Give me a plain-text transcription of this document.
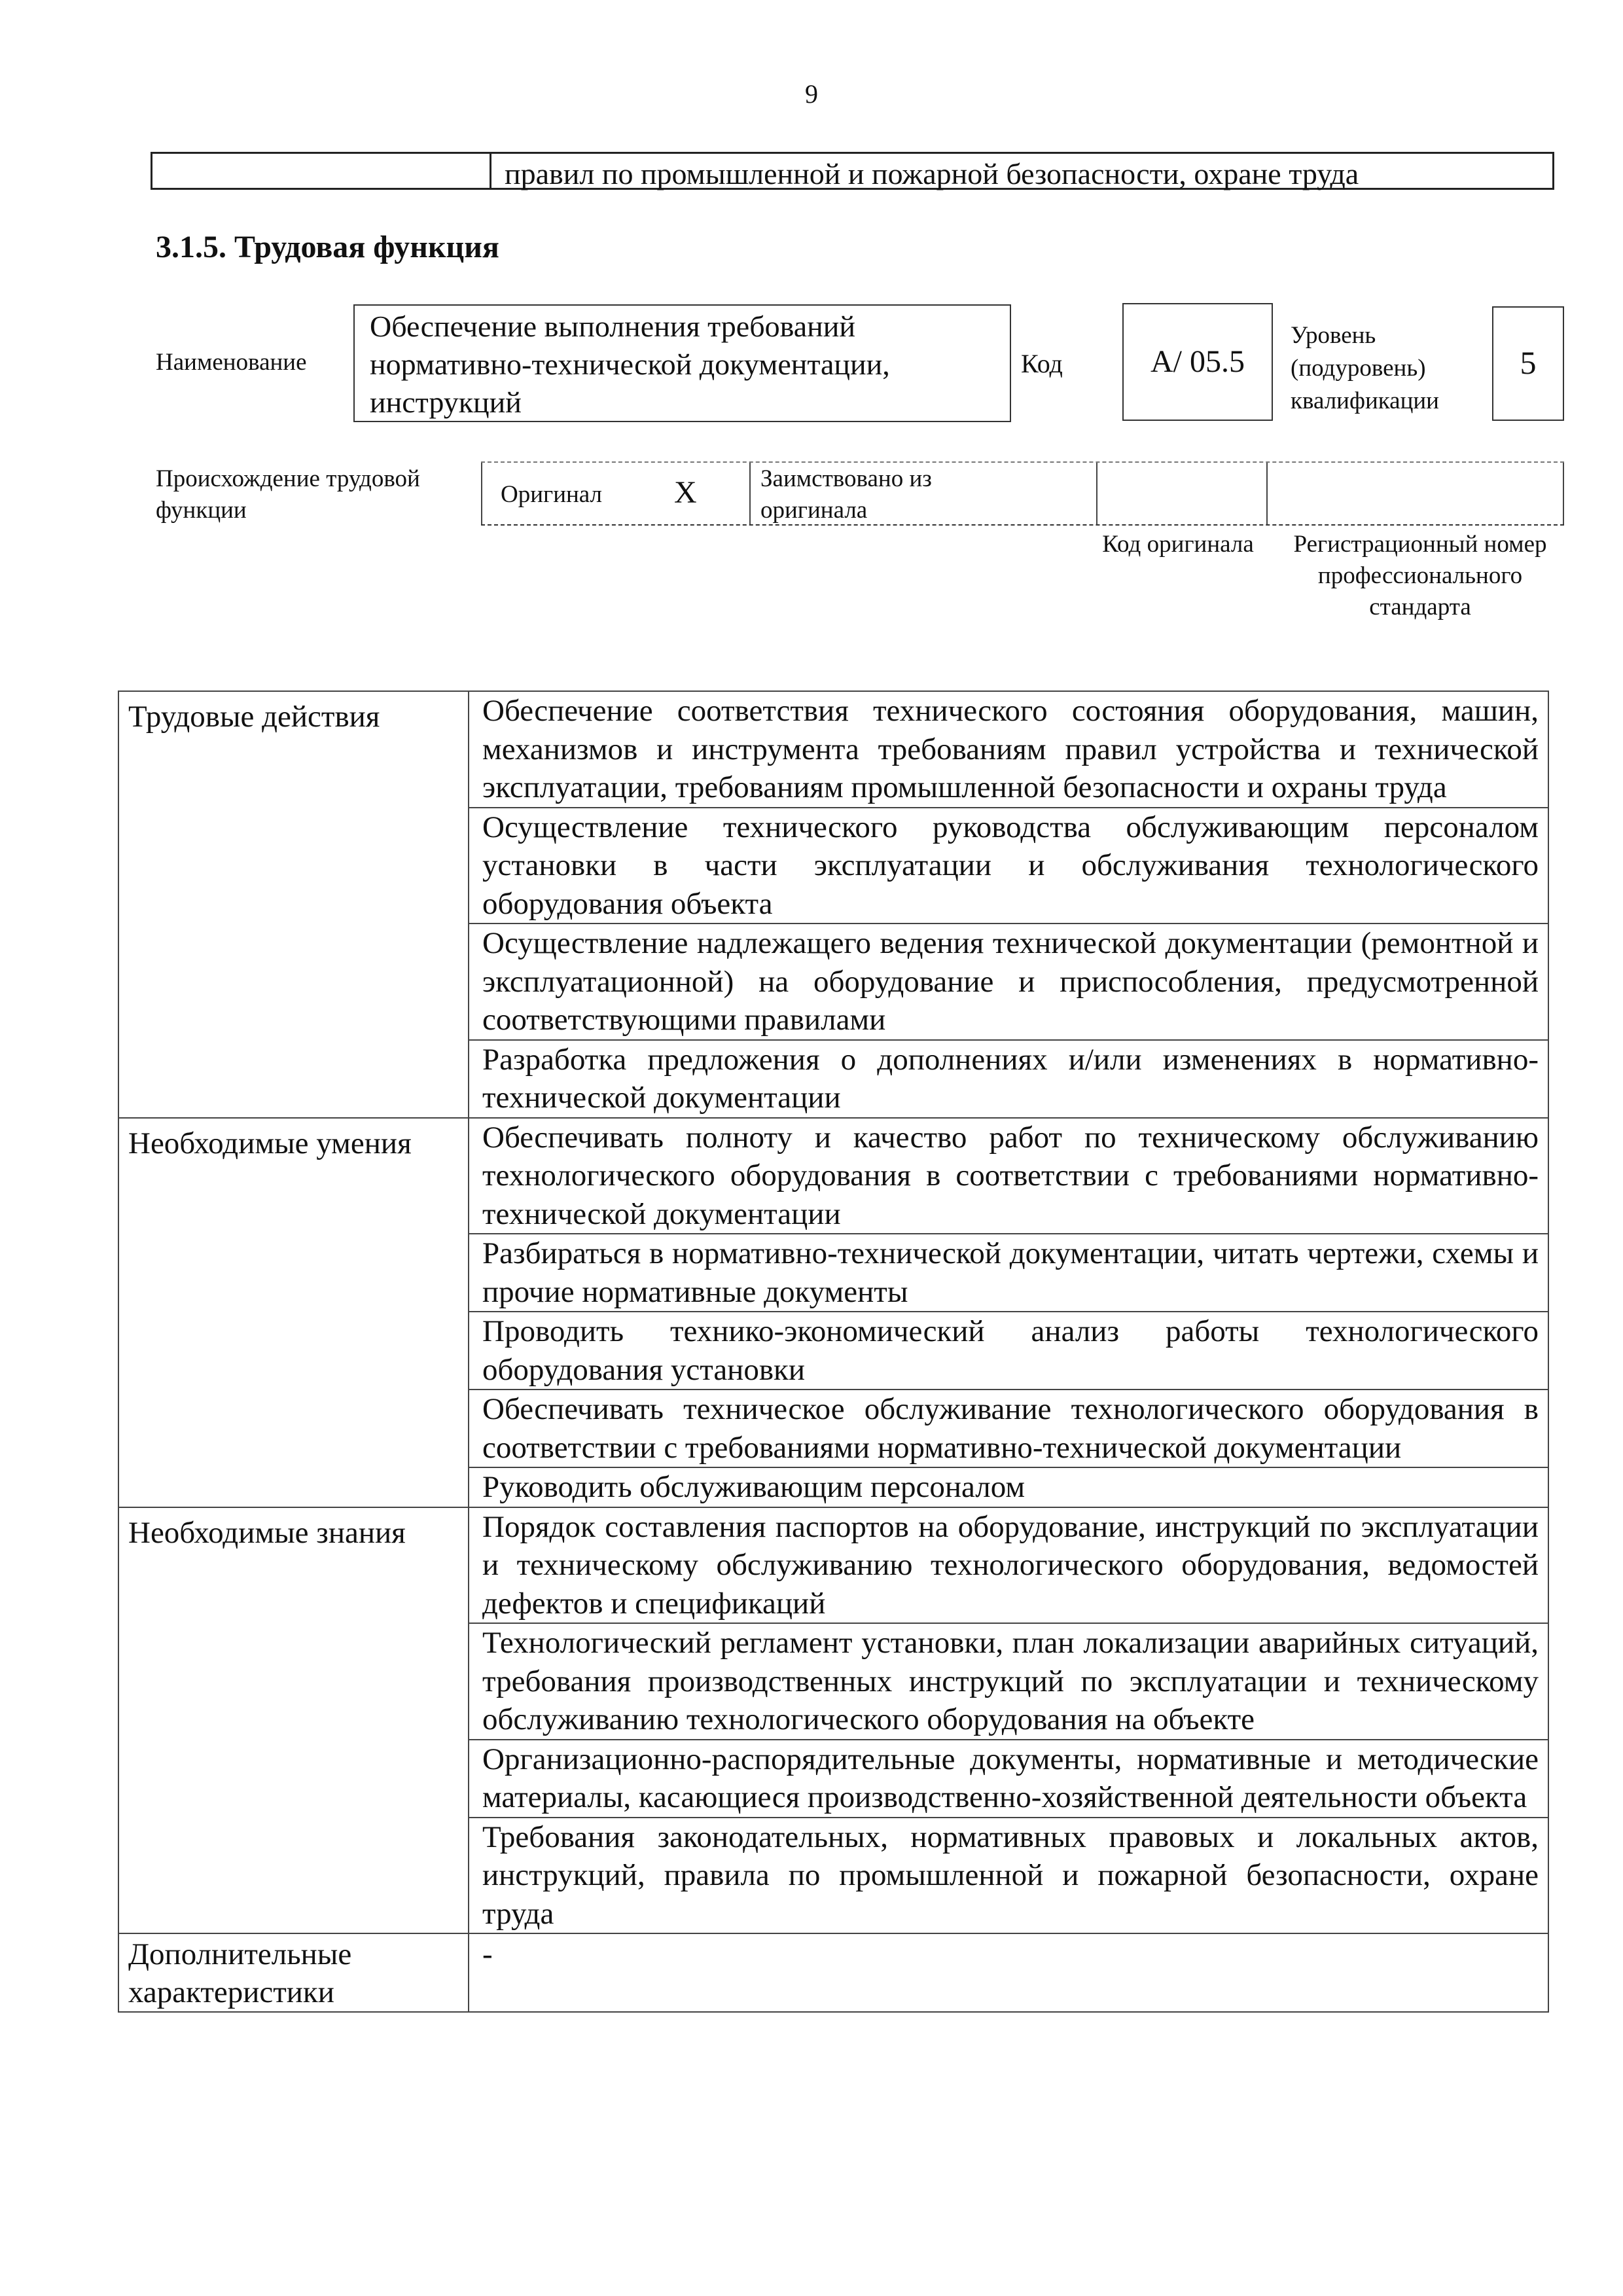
9
правил по промышленной и пожарной безопасности, охране труда
3.1.5. Трудовая функция
Наименование
Обеспечение выполнения требований нормативно-технической документации, инструкций
Код	А/ 05.5
Уровень (подуровень) квалификации
5
Происхождение трудовой функции
Оригинал X	Заимствовано из оригинала
Код оригинала	Регистрационный номер профессионального стандарта
Трудовые действия	Обеспечение соответствия технического состояния оборудования, машин, механизмов и инструмента требованиям правил устройства и технической эксплуатации, требованиям промышленной безопасности и охраны труда
	Осуществление технического руководства обслуживающим персоналом установки в части эксплуатации и обслуживания технологического оборудования объекта
	Осуществление надлежащего ведения технической документации (ремонтной и эксплуатационной) на оборудование и приспособления, предусмотренной соответствующими правилами
	Разработка предложения о дополнениях и/или изменениях в нормативно-технической документации
Необходимые умения	Обеспечивать полноту и качество работ по техническому обслуживанию технологического оборудования в соответствии с требованиями нормативно-технической документации
	Разбираться в нормативно-технической документации, читать чертежи, схемы и прочие нормативные документы
	Проводить технико-экономический анализ работы технологического оборудования установки
	Обеспечивать техническое обслуживание технологического оборудования в соответствии с требованиями нормативно-технической документации
	Руководить обслуживающим персоналом
Необходимые знания	Порядок составления паспортов на оборудование, инструкций по эксплуатации и техническому обслуживанию технологического оборудования, ведомостей дефектов и спецификаций
	Технологический регламент установки, план локализации аварийных ситуаций, требования производственных инструкций по эксплуатации и техническому обслуживанию технологического оборудования на объекте
	Организационно-распорядительные документы, нормативные и методические материалы, касающиеся производственно-хозяйственной деятельности объекта
	Требования законодательных, нормативных правовых и локальных актов, инструкций, правила по промышленной и пожарной безопасности, охране труда
Дополнительные характеристики	-
